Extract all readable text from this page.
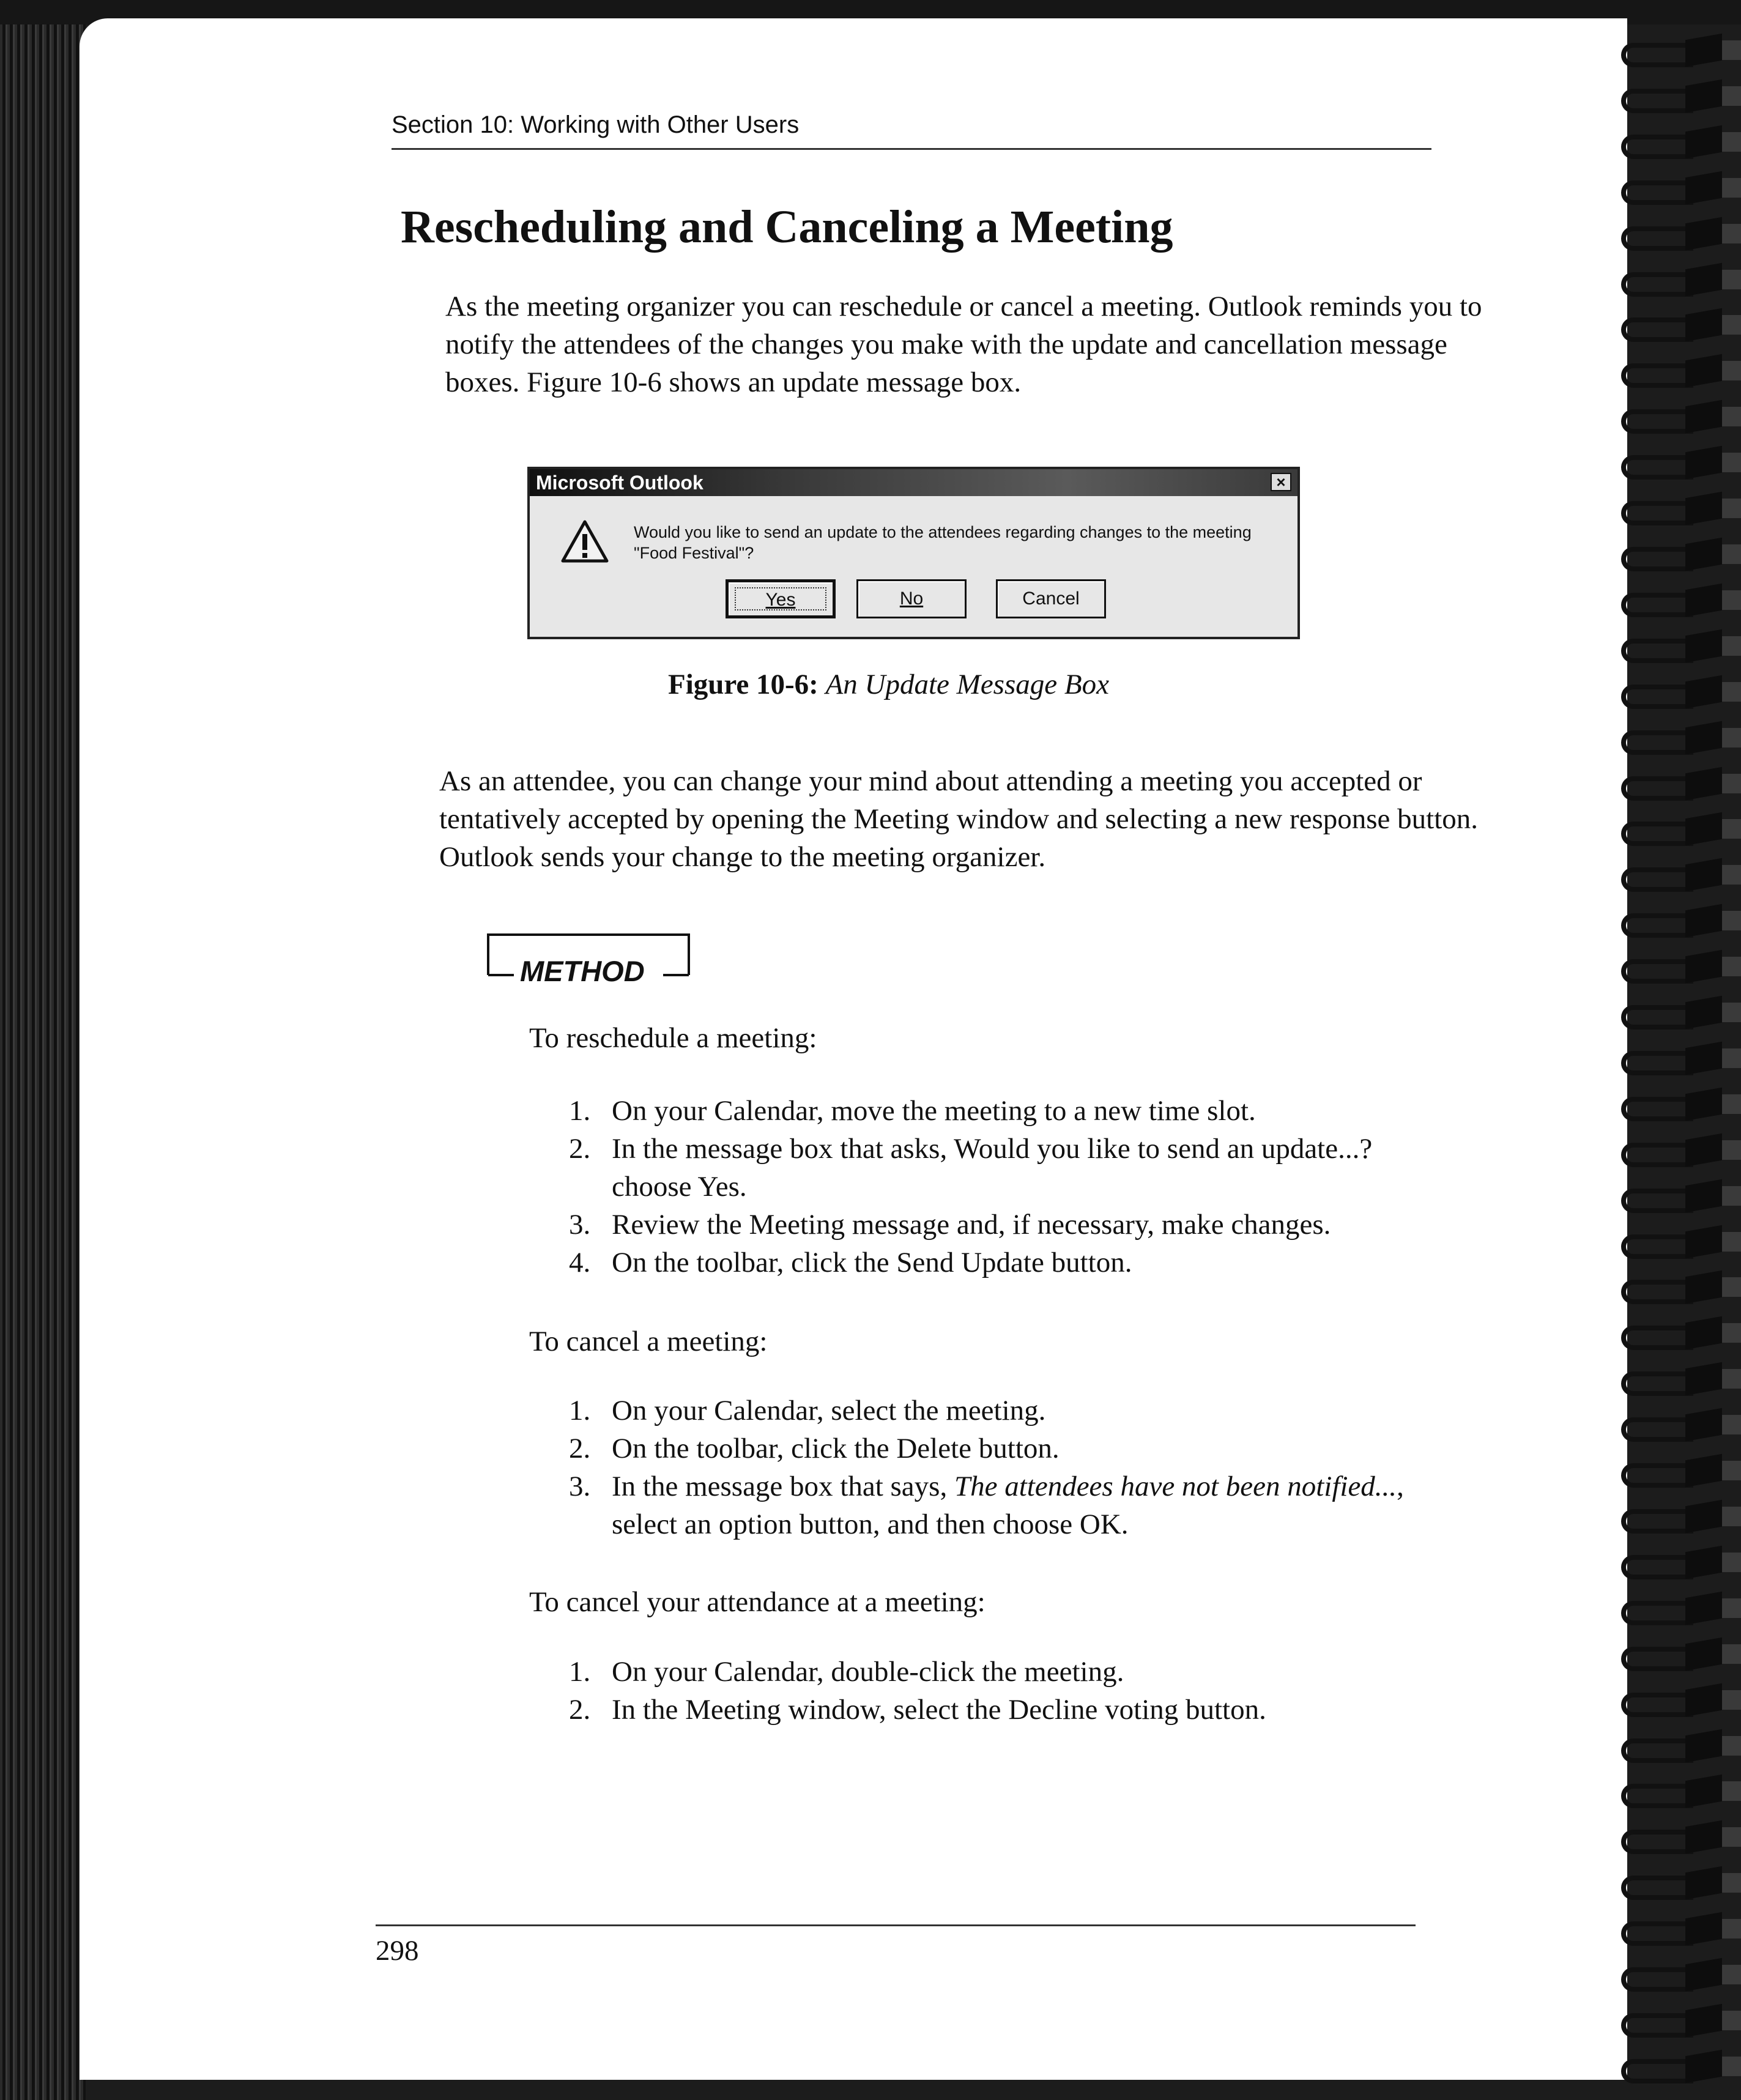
Section 10: Working with Other Users
Rescheduling and Canceling a Meeting
As the meeting organizer you can reschedule or cancel a meeting. Outlook reminds you to notify the attendees of the changes you make with the update and cancellation message boxes. Figure 10-6 shows an update message box.
Microsoft Outlook	×
Would you like to send an update to the attendees regarding changes to the meeting "Food Festival"?
Yes	No	Cancel
Figure 10-6: An Update Message Box
As an attendee, you can change your mind about attending a meeting you accepted or tentatively accepted by opening the Meeting window and selecting a new response button. Outlook sends your change to the meeting organizer.
METHOD
To reschedule a meeting:
1. On your Calendar, move the meeting to a new time slot.
2. In the message box that asks, Would you like to send an update...? choose Yes.
3. Review the Meeting message and, if necessary, make changes.
4. On the toolbar, click the Send Update button.
To cancel a meeting:
1. On your Calendar, select the meeting.
2. On the toolbar, click the Delete button.
3. In the message box that says, The attendees have not been notified..., select an option button, and then choose OK.
To cancel your attendance at a meeting:
1. On your Calendar, double-click the meeting.
2. In the Meeting window, select the Decline voting button.
298
